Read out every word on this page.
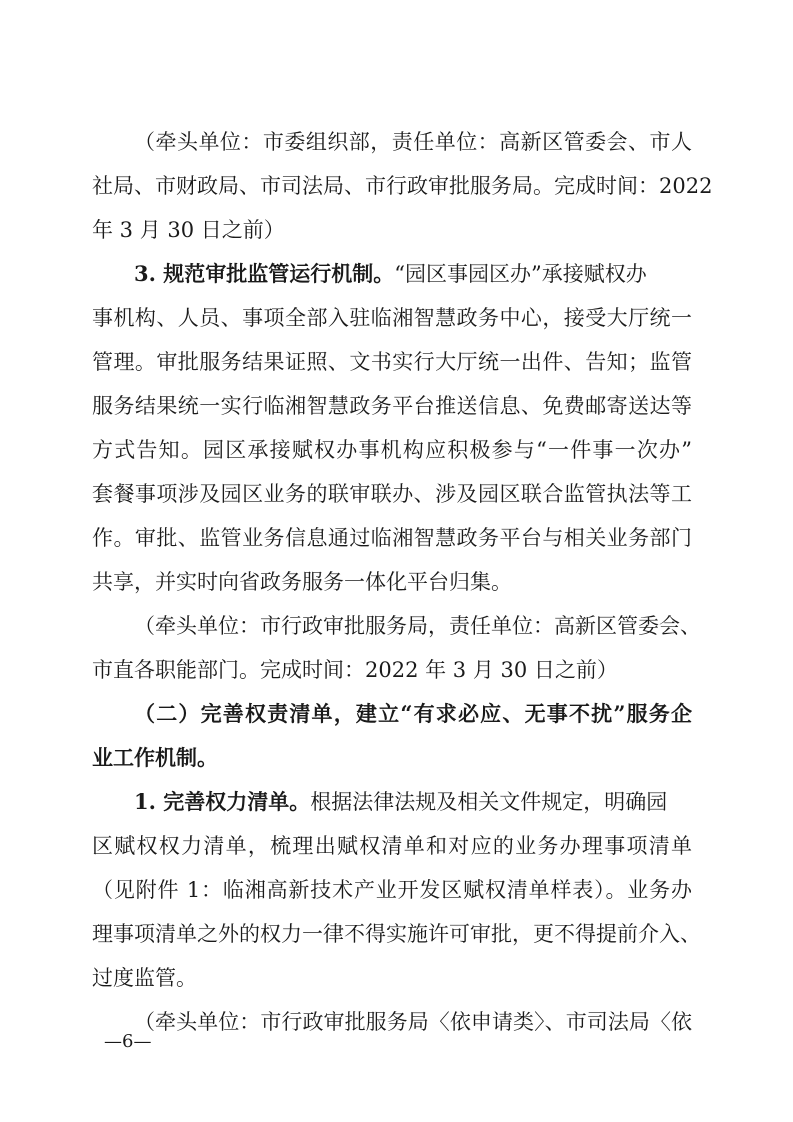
（牵头单位：市委组织部，责任单位：高新区管委会、市人
社局、市财政局、市司法局、市行政审批服务局。完成时间：2022
年 3 月 30 日之前）
3. 规范审批监管运行机制。“园区事园区办”承接赋权办
事机构、人员、事项全部入驻临湘智慧政务中心，接受大厅统一
管理。审批服务结果证照、文书实行大厅统一出件、告知；监管
服务结果统一实行临湘智慧政务平台推送信息、免费邮寄送达等
方式告知。园区承接赋权办事机构应积极参与“一件事一次办”
套餐事项涉及园区业务的联审联办、涉及园区联合监管执法等工
作。审批、监管业务信息通过临湘智慧政务平台与相关业务部门
共享，并实时向省政务服务一体化平台归集。
（牵头单位：市行政审批服务局，责任单位：高新区管委会、
市直各职能部门。完成时间：2022 年 3 月 30 日之前）
（二）完善权责清单，建立“有求必应、无事不扰”服务企
业工作机制。
1. 完善权力清单。根据法律法规及相关文件规定，明确园
区赋权权力清单，梳理出赋权清单和对应的业务办理事项清单
（见附件 1：临湘高新技术产业开发区赋权清单样表）。业务办
理事项清单之外的权力一律不得实施许可审批，更不得提前介入、
过度监管。
（牵头单位：市行政审批服务局〈依申请类〉、市司法局〈依
—6—
